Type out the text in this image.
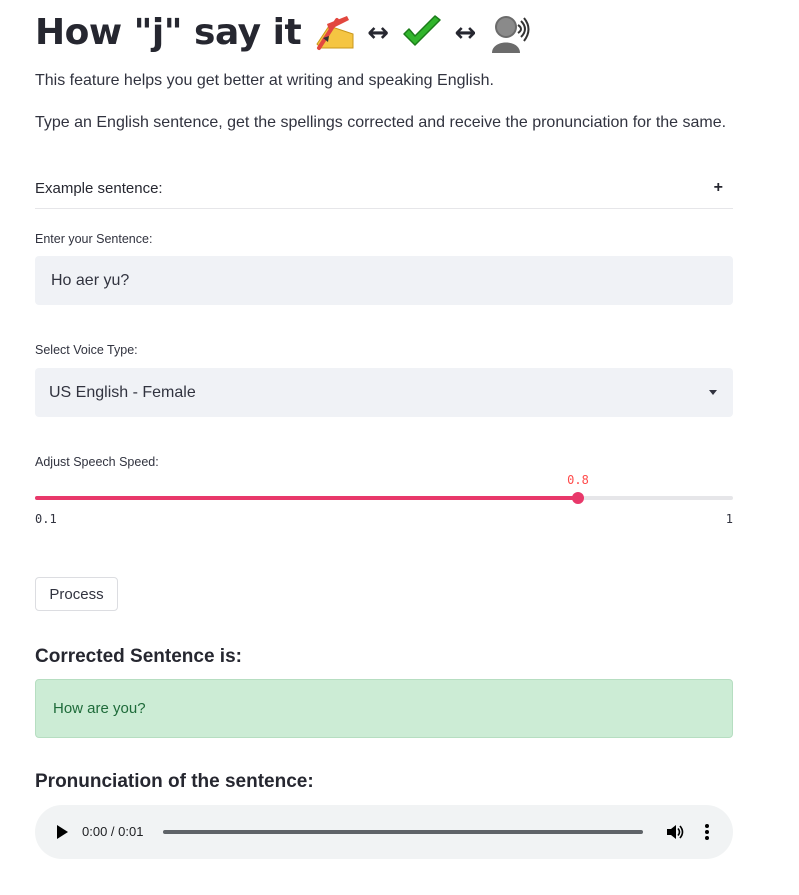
How "j" say it	↔	↔
This feature helps you get better at writing and speaking English.
Type an English sentence, get the spellings corrected and receive the pronunciation for the same.
Example sentence:	+
Enter your Sentence:
Ho aer yu?
Select Voice Type:
US English - Female
Adjust Speech Speed:
0.8
0.1	1
Process
Corrected Sentence is:
How are you?
Pronunciation of the sentence:
0:00 / 0:01
